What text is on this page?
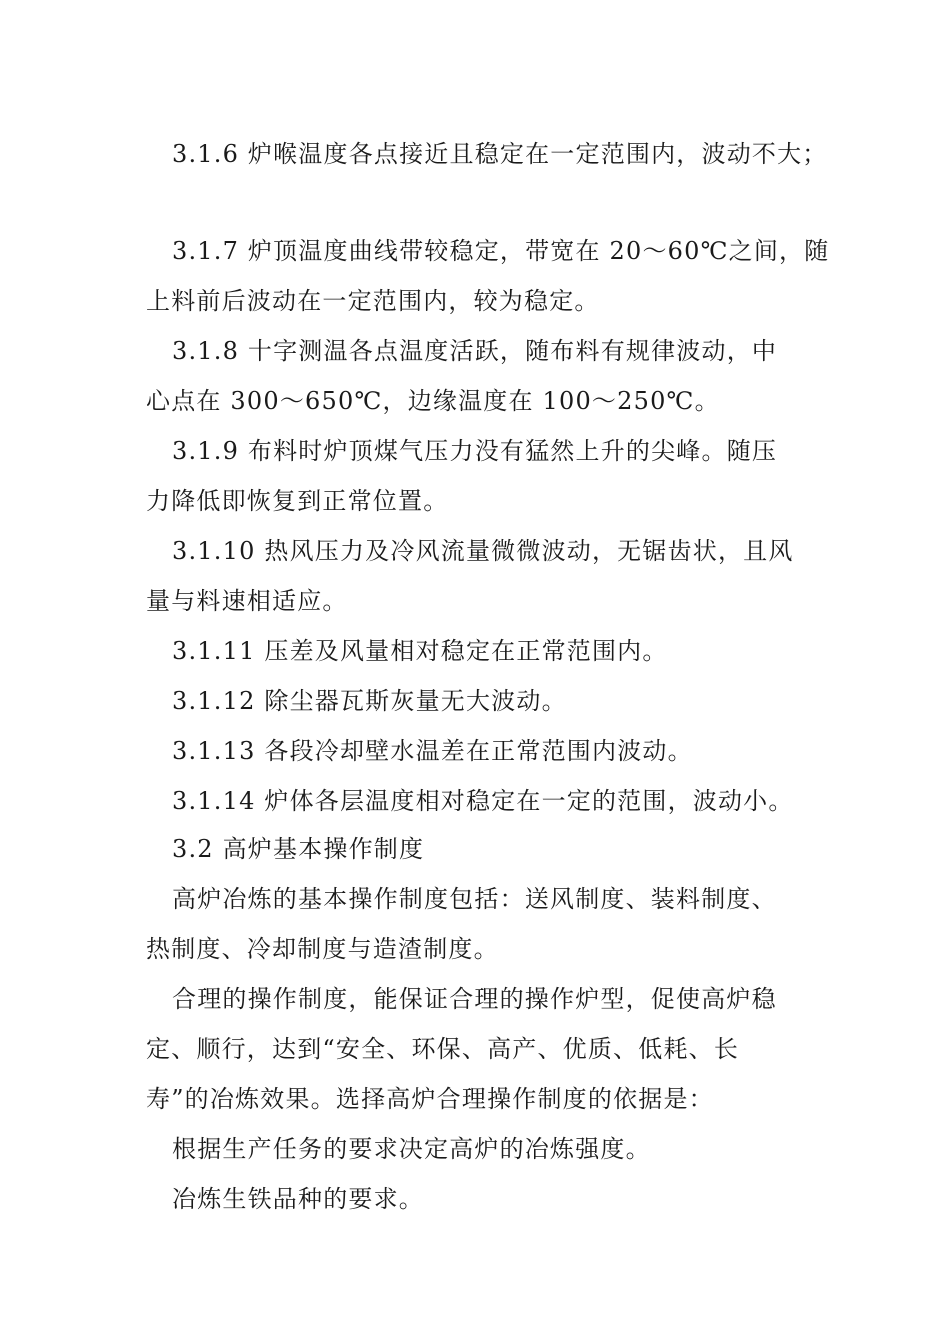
3.1.6 炉喉温度各点接近且稳定在一定范围内，波动不大；
3.1.7 炉顶温度曲线带较稳定，带宽在 20～60℃之间，随
上料前后波动在一定范围内，较为稳定。
3.1.8 十字测温各点温度活跃，随布料有规律波动，中
心点在 300～650℃，边缘温度在 100～250℃。
3.1.9 布料时炉顶煤气压力没有猛然上升的尖峰。随压
力降低即恢复到正常位置。
3.1.10 热风压力及冷风流量微微波动，无锯齿状，且风
量与料速相适应。
3.1.11 压差及风量相对稳定在正常范围内。
3.1.12 除尘器瓦斯灰量无大波动。
3.1.13 各段冷却壁水温差在正常范围内波动。
3.1.14 炉体各层温度相对稳定在一定的范围，波动小。
3.2 高炉基本操作制度
高炉冶炼的基本操作制度包括：送风制度、装料制度、
热制度、冷却制度与造渣制度。
合理的操作制度，能保证合理的操作炉型，促使高炉稳
定、顺行，达到“安全、环保、高产、优质、低耗、长
寿”的冶炼效果。选择高炉合理操作制度的依据是：
根据生产任务的要求决定高炉的冶炼强度。
冶炼生铁品种的要求。
